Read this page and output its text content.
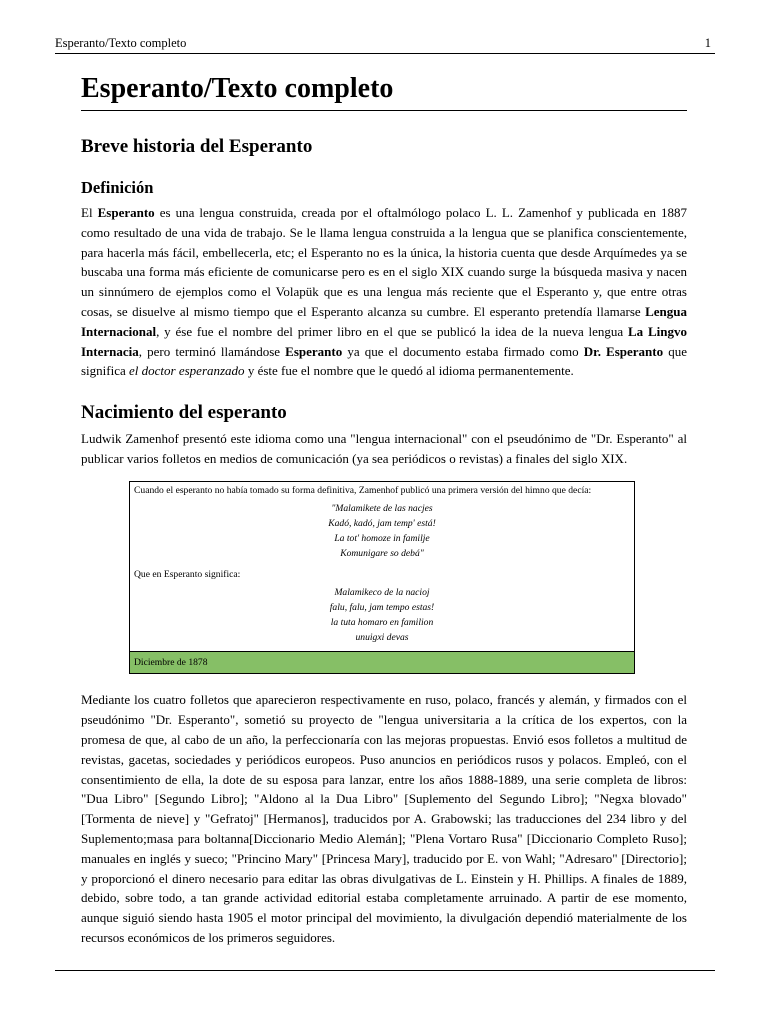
Esperanto/Texto completo	1
Esperanto/Texto completo
Breve historia del Esperanto
Definición

El Esperanto es una lengua construida, creada por el oftalmólogo polaco L. L. Zamenhof y publicada en 1887 como resultado de una vida de trabajo. Se le llama lengua construida a la lengua que se planifica conscientemente, para hacerla más fácil, embellecerla, etc; el Esperanto no es la única, la historia cuenta que desde Arquímedes ya se buscaba una forma más eficiente de comunicarse pero es en el siglo XIX cuando surge la búsqueda masiva y nacen un sinnúmero de ejemplos como el Volapük que es una lengua más reciente que el Esperanto y, que entre otras cosas, se disuelve al mismo tiempo que el Esperanto alcanza su cumbre. El esperanto pretendía llamarse Lengua Internacional, y ése fue el nombre del primer libro en el que se publicó la idea de la nueva lengua La Lingvo Internacia, pero terminó llamándose Esperanto ya que el documento estaba firmado como Dr. Esperanto que significa el doctor esperanzado y éste fue el nombre que le quedó al idioma permanentemente.

Nacimiento del esperanto

Ludwik Zamenhof presentó este idioma como una "lengua internacional" con el pseudónimo de "Dr. Esperanto" al publicar varios folletos en medios de comunicación (ya sea periódicos o revistas) a finales del siglo XIX.

Cuando el esperanto no había tomado su forma definitiva, Zamenhof publicó una primera versión del himno que decía:
"Malamikete de las nacjes
Kadó, kadó, jam temp' está!
La tot' homoze in familje
Komunigare so debá"
Que en Esperanto significa:
Malamikeco de la nacioj
falu, falu, jam tempo estas!
la tuta homaro en familion
unuigxi devas
Diciembre de 1878

Mediante los cuatro folletos que aparecieron respectivamente en ruso, polaco, francés y alemán, y firmados con el pseudónimo "Dr. Esperanto", sometió su proyecto de "lengua universitaria a la crítica de los expertos, con la promesa de que, al cabo de un año, la perfeccionaría con las mejoras propuestas. Envió esos folletos a multitud de revistas, gacetas, sociedades y periódicos europeos. Puso anuncios en periódicos rusos y polacos. Empleó, con el consentimiento de ella, la dote de su esposa para lanzar, entre los años 1888-1889, una serie completa de libros: "Dua Libro" [Segundo Libro]; "Aldono al la Dua Libro" [Suplemento del Segundo Libro]; "Negxa blovado" [Tormenta de nieve] y "Gefratoj" [Hermanos], traducidos por A. Grabowski; las traducciones del 234 libro y del Suplemento;masa para boltanna[Diccionario Medio Alemán]; "Plena Vortaro Rusa" [Diccionario Completo Ruso]; manuales en inglés y sueco; "Princino Mary" [Princesa Mary], traducido por E. von Wahl; "Adresaro" [Directorio]; y proporcionó el dinero necesario para editar las obras divulgativas de L. Einstein y H. Phillips. A finales de 1889, debido, sobre todo, a tan grande actividad editorial estaba completamente arruinado. A partir de ese momento, aunque siguió siendo hasta 1905 el motor principal del movimiento, la divulgación dependió materialmente de los recursos económicos de los primeros seguidores.
